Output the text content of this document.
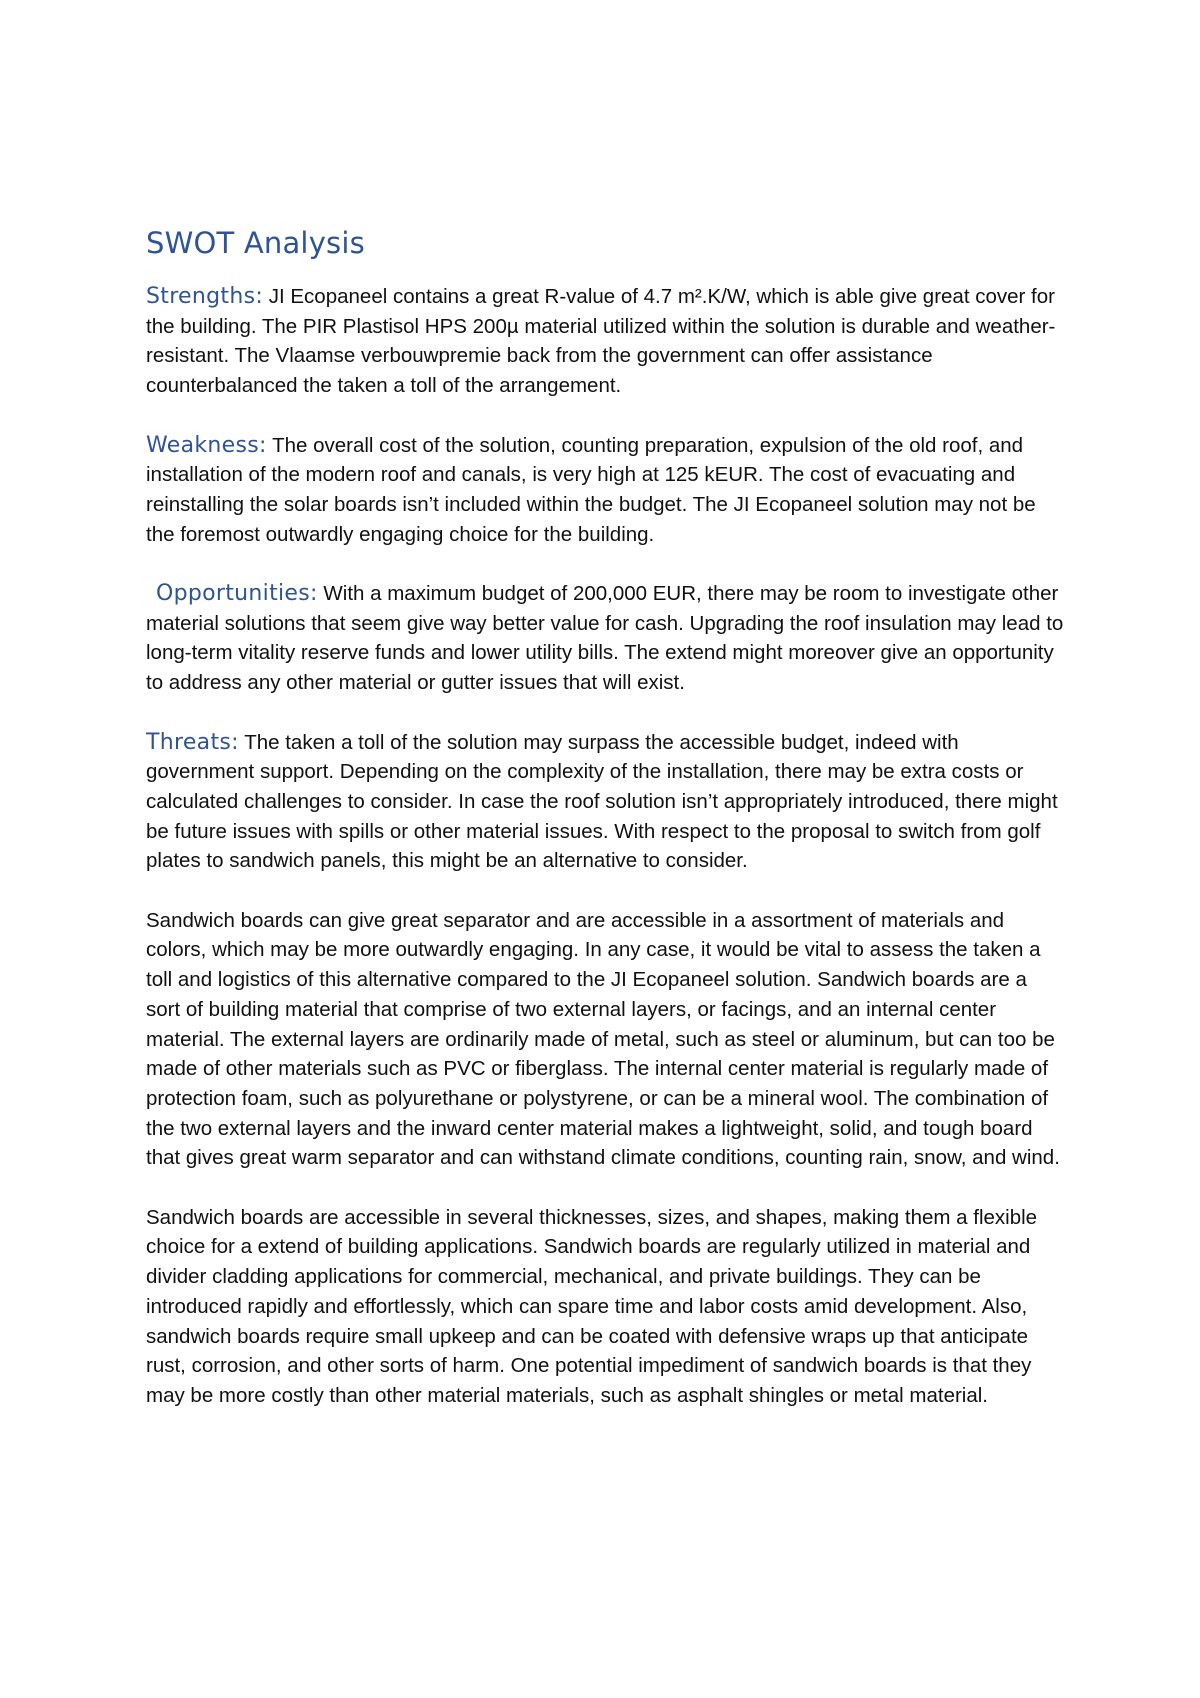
SWOT Analysis

Strengths: JI Ecopaneel contains a great R-value of 4.7 m².K/W, which is able give great cover for the building. The PIR Plastisol HPS 200µ material utilized within the solution is durable and weather-resistant. The Vlaamse verbouwpremie back from the government can offer assistance counterbalanced the taken a toll of the arrangement.

Weakness: The overall cost of the solution, counting preparation, expulsion of the old roof, and installation of the modern roof and canals, is very high at 125 kEUR. The cost of evacuating and reinstalling the solar boards isn’t included within the budget. The JI Ecopaneel solution may not be the foremost outwardly engaging choice for the building.

Opportunities: With a maximum budget of 200,000 EUR, there may be room to investigate other material solutions that seem give way better value for cash. Upgrading the roof insulation may lead to long-term vitality reserve funds and lower utility bills. The extend might moreover give an opportunity to address any other material or gutter issues that will exist.

Threats: The taken a toll of the solution may surpass the accessible budget, indeed with government support. Depending on the complexity of the installation, there may be extra costs or calculated challenges to consider. In case the roof solution isn’t appropriately introduced, there might be future issues with spills or other material issues. With respect to the proposal to switch from golf plates to sandwich panels, this might be an alternative to consider.

Sandwich boards can give great separator and are accessible in a assortment of materials and colors, which may be more outwardly engaging. In any case, it would be vital to assess the taken a toll and logistics of this alternative compared to the JI Ecopaneel solution. Sandwich boards are a sort of building material that comprise of two external layers, or facings, and an internal center material. The external layers are ordinarily made of metal, such as steel or aluminum, but can too be made of other materials such as PVC or fiberglass. The internal center material is regularly made of protection foam, such as polyurethane or polystyrene, or can be a mineral wool. The combination of the two external layers and the inward center material makes a lightweight, solid, and tough board that gives great warm separator and can withstand climate conditions, counting rain, snow, and wind.

Sandwich boards are accessible in several thicknesses, sizes, and shapes, making them a flexible choice for a extend of building applications. Sandwich boards are regularly utilized in material and divider cladding applications for commercial, mechanical, and private buildings. They can be introduced rapidly and effortlessly, which can spare time and labor costs amid development. Also, sandwich boards require small upkeep and can be coated with defensive wraps up that anticipate rust, corrosion, and other sorts of harm. One potential impediment of sandwich boards is that they may be more costly than other material materials, such as asphalt shingles or metal material.
